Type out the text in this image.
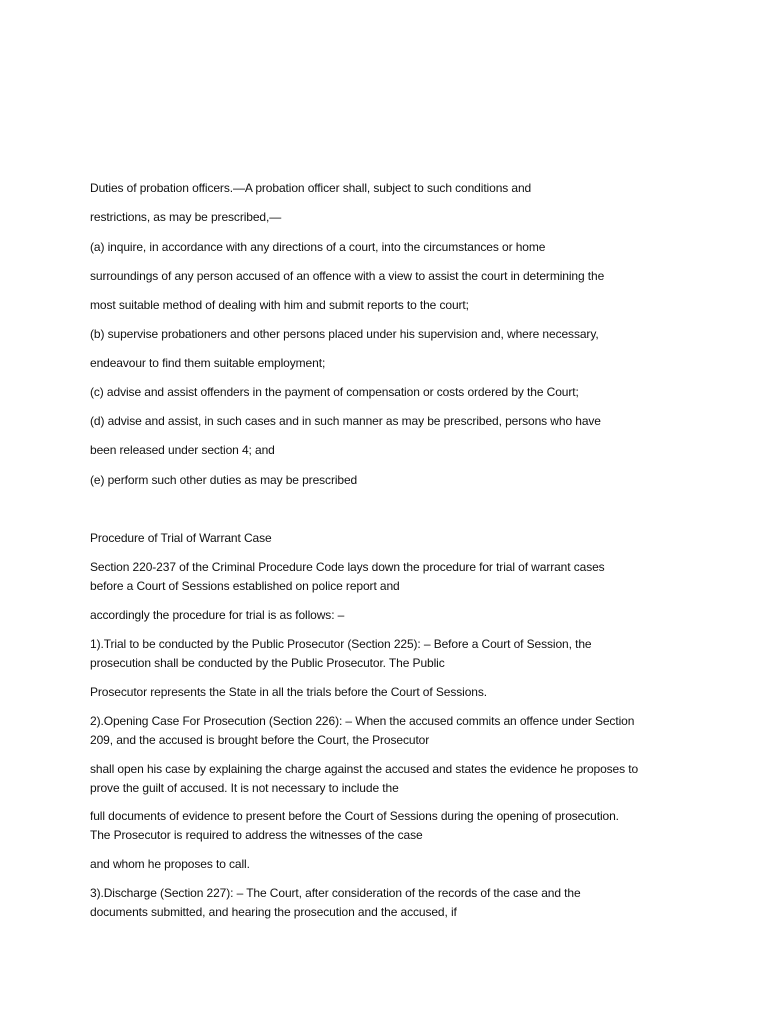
Duties of probation officers.—A probation officer shall, subject to such conditions and
restrictions, as may be prescribed,—
(a) inquire, in accordance with any directions of a court, into the circumstances or home
surroundings of any person accused of an offence with a view to assist the court in determining the
most suitable method of dealing with him and submit reports to the court;
(b) supervise probationers and other persons placed under his supervision and, where necessary,
endeavour to find them suitable employment;
(c) advise and assist offenders in the payment of compensation or costs ordered by the Court;
(d) advise and assist, in such cases and in such manner as may be prescribed, persons who have
been released under section 4; and
(e) perform such other duties as may be prescribed
Procedure of Trial of Warrant Case
Section 220-237 of the Criminal Procedure Code lays down the procedure for trial of warrant cases
before a Court of Sessions established on police report and
accordingly the procedure for trial is as follows: –
1).Trial to be conducted by the Public Prosecutor (Section 225): – Before a Court of Session, the
prosecution shall be conducted by the Public Prosecutor. The Public
Prosecutor represents the State in all the trials before the Court of Sessions.
2).Opening Case For Prosecution (Section 226): – When the accused commits an offence under Section
209, and the accused is brought before the Court, the Prosecutor
shall open his case by explaining the charge against the accused and states the evidence he proposes to
prove the guilt of accused. It is not necessary to include the
full documents of evidence to present before the Court of Sessions during the opening of prosecution.
The Prosecutor is required to address the witnesses of the case
and whom he proposes to call.
3).Discharge (Section 227): – The Court, after consideration of the records of the case and the
documents submitted, and hearing the prosecution and the accused, if
